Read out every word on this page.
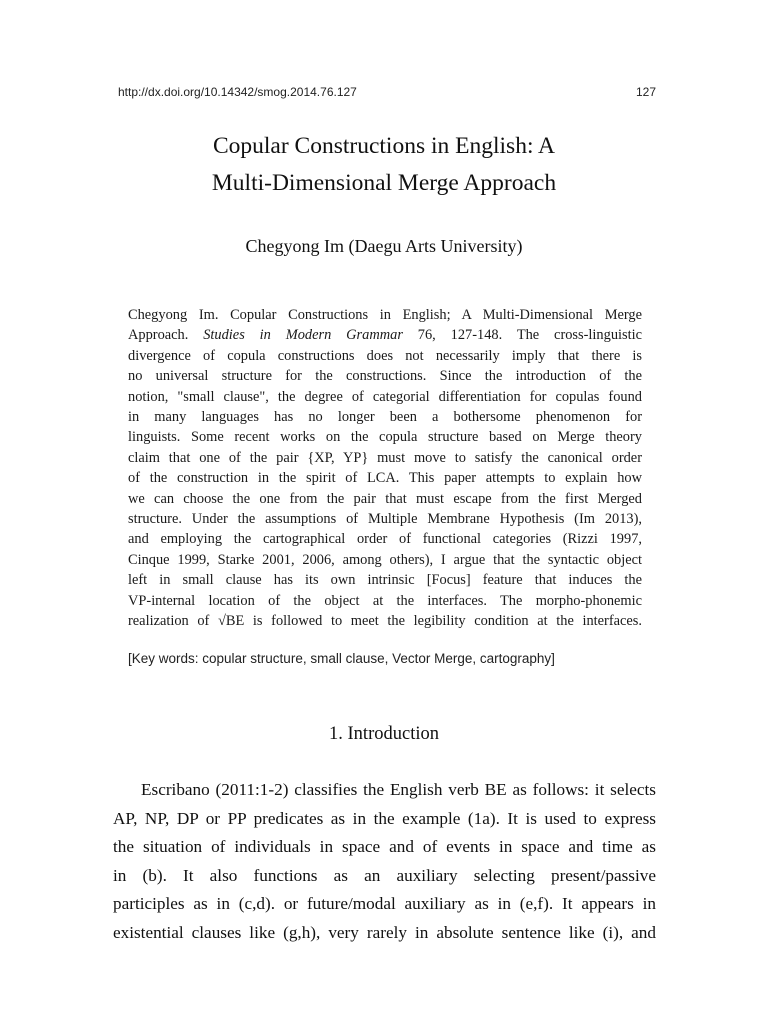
http://dx.doi.org/10.14342/smog.2014.76.127	127
Copular Constructions in English: A
Multi-Dimensional Merge Approach
Chegyong Im (Daegu Arts University)
Chegyong Im. Copular Constructions in English; A Multi-Dimensional Merge
Approach. Studies in Modern Grammar 76, 127-148. The cross-linguistic
divergence of copula constructions does not necessarily imply that there is
no universal structure for the constructions. Since the introduction of the
notion, "small clause", the degree of categorial differentiation for copulas found
in many languages has no longer been a bothersome phenomenon for
linguists. Some recent works on the copula structure based on Merge theory
claim that one of the pair {XP, YP} must move to satisfy the canonical order
of the construction in the spirit of LCA. This paper attempts to explain how
we can choose the one from the pair that must escape from the first Merged
structure. Under the assumptions of Multiple Membrane Hypothesis (Im 2013),
and employing the cartographical order of functional categories (Rizzi 1997,
Cinque 1999, Starke 2001, 2006, among others), I argue that the syntactic object
left in small clause has its own intrinsic [Focus] feature that induces the
VP-internal location of the object at the interfaces. The morpho-phonemic
realization of √BE is followed to meet the legibility condition at the interfaces.
[Key words: copular structure, small clause, Vector Merge, cartography]
1. Introduction
Escribano (2011:1-2) classifies the English verb BE as follows: it selects
AP, NP, DP or PP predicates as in the example (1a). It is used to express
the situation of individuals in space and of events in space and time as
in (b). It also functions as an auxiliary selecting present/passive
participles as in (c,d). or future/modal auxiliary as in (e,f). It appears in
existential clauses like (g,h), very rarely in absolute sentence like (i), and
